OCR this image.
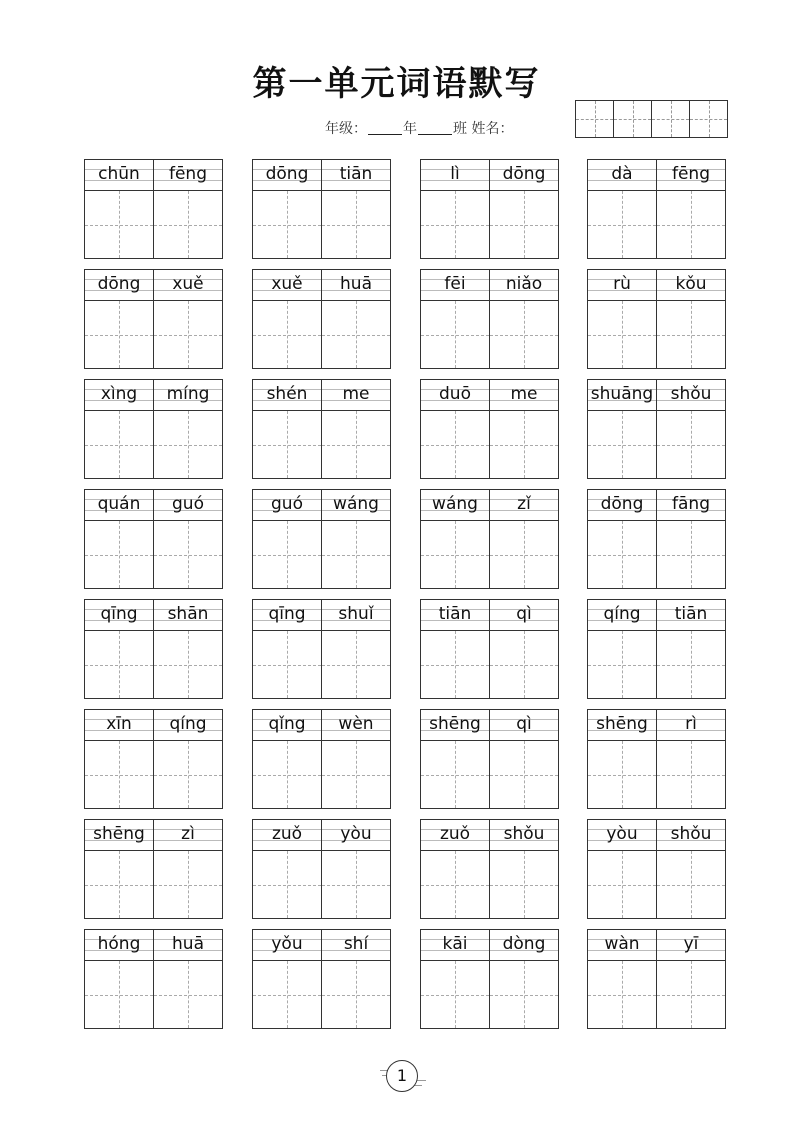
第一单元词语默写
年级：	年	班 姓名：
chūn	fēng	dōng	tiān	lì	dōng	dà	fēng
dōng	xuě	xuě	huā	fēi	niǎo	rù	kǒu
xìng	míng	shén	me	duō	me	shuāng	shǒu
quán	guó	guó	wáng	wáng	zǐ	dōng	fāng
qīng	shān	qīng	shuǐ	tiān	qì	qíng	tiān
xīn	qíng	qǐng	wèn	shēng	qì	shēng	rì
shēng	zì	zuǒ	yòu	zuǒ	shǒu	yòu	shǒu
hóng	huā	yǒu	shí	kāi	dòng	wàn	yī
1
